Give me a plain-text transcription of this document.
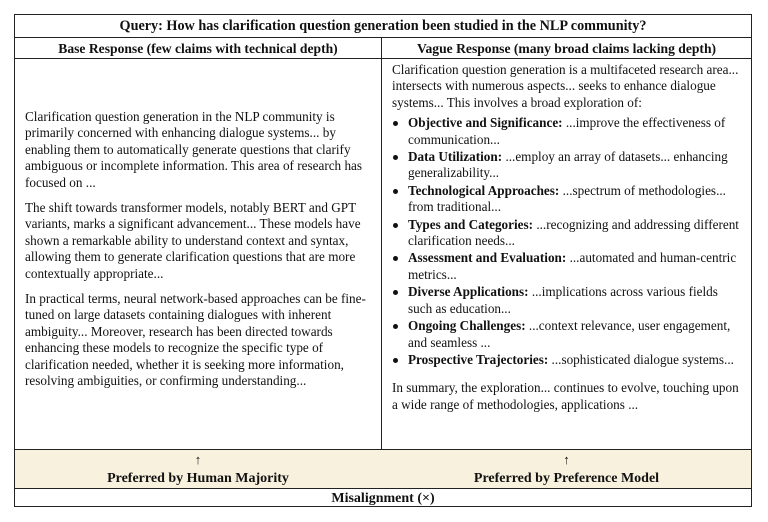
Query: How has clarification question generation been studied in the NLP community?
Base Response (few claims with technical depth)	Vague Response (many broad claims lacking depth)

Clarification question generation in the NLP community is primarily concerned with enhancing dialogue systems... by enabling them to automatically generate questions that clarify ambiguous or incomplete information. This area of research has focused on ...

The shift towards transformer models, notably BERT and GPT variants, marks a significant advancement... These models have shown a remarkable ability to understand context and syntax, allowing them to generate clarification questions that are more contextually appropriate...

In practical terms, neural network-based approaches can be fine-tuned on large datasets containing dialogues with inherent ambiguity... Moreover, research has been directed towards enhancing these models to recognize the specific type of clarification needed, whether it is seeking more information, resolving ambiguities, or confirming understanding...

Clarification question generation is a multifaceted research area... intersects with numerous aspects... seeks to enhance dialogue systems... This involves a broad exploration of:

Objective and Significance: ...improve the effectiveness of communication...
Data Utilization: ...employ an array of datasets... enhancing generalizability...
Technological Approaches: ...spectrum of methodologies... from traditional...
Types and Categories: ...recognizing and addressing different clarification needs...
Assessment and Evaluation: ...automated and human-centric metrics...
Diverse Applications: ...implications across various fields such as education...
Ongoing Challenges: ...context relevance, user engagement, and seamless ...
Prospective Trajectories: ...sophisticated dialogue systems...

In summary, the exploration... continues to evolve, touching upon a wide range of methodologies, applications ...

↑
Preferred by Human Majority
↑
Preferred by Preference Model
Misalignment (×)
